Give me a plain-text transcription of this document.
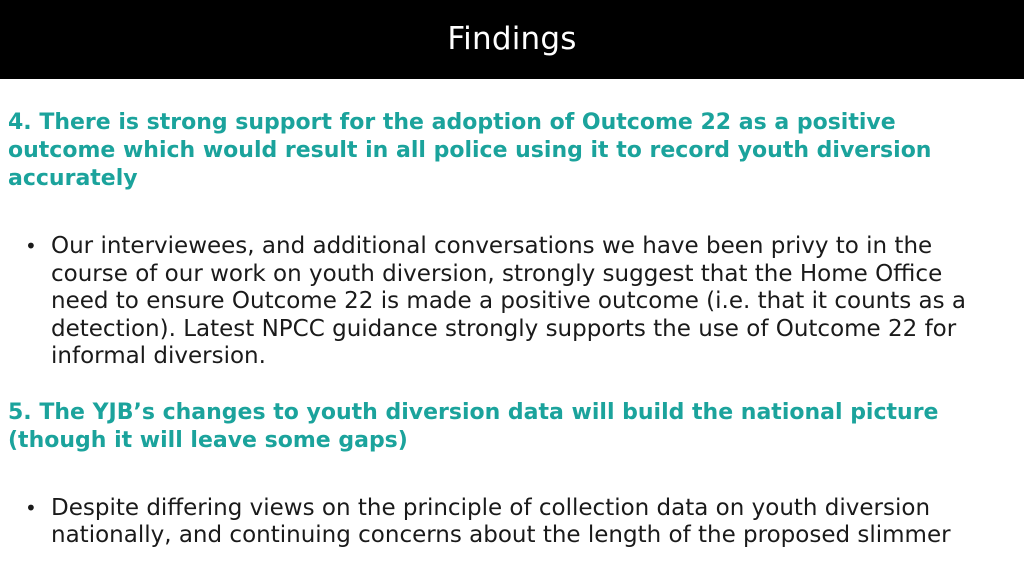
Findings

4. There is strong support for the adoption of Outcome 22 as a positive outcome which would result in all police using it to record youth diversion accurately

• Our interviewees, and additional conversations we have been privy to in the course of our work on youth diversion, strongly suggest that the Home Office need to ensure Outcome 22 is made a positive outcome (i.e. that it counts as a detection). Latest NPCC guidance strongly supports the use of Outcome 22 for informal diversion.

5. The YJB’s changes to youth diversion data will build the national picture (though it will leave some gaps)

• Despite differing views on the principle of collection data on youth diversion nationally, and continuing concerns about the length of the proposed slimmer
